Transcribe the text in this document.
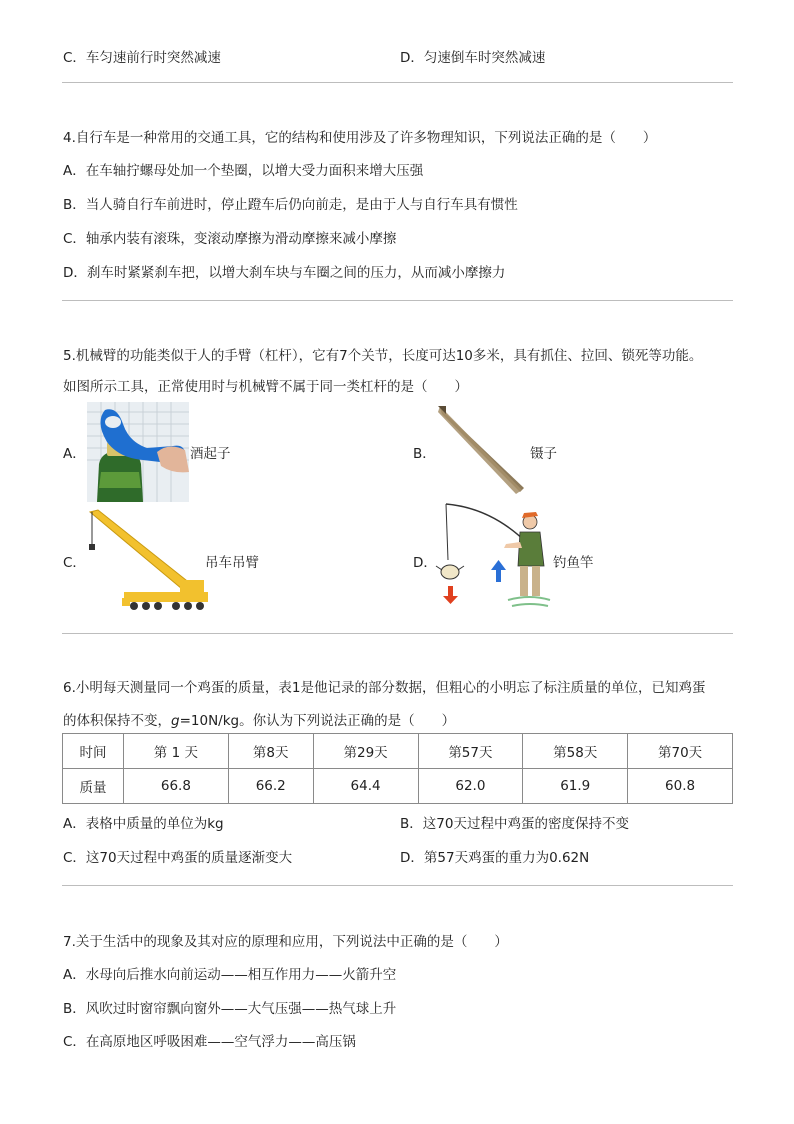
C．车匀速前行时突然减速	D．匀速倒车时突然减速
4.自行车是一种常用的交通工具，它的结构和使用涉及了许多物理知识，下列说法正确的是（　　）
A．在车轴拧螺母处加一个垫圈，以增大受力面积来增大压强
B．当人骑自行车前进时，停止蹬车后仍向前走，是由于人与自行车具有惯性
C．轴承内装有滚珠，变滚动摩擦为滑动摩擦来减小摩擦
D．刹车时紧紧刹车把，以增大刹车块与车圈之间的压力，从而减小摩擦力
5.机械臂的功能类似于人的手臂（杠杆），它有7个关节，长度可达10多米，具有抓住、拉回、锁死等功能。
如图所示工具，正常使用时与机械臂不属于同一类杠杆的是（　　）
A．	酒起子	B．	镊子
C．	吊车吊臂	D．	钓鱼竿
6.小明每天测量同一个鸡蛋的质量，表1是他记录的部分数据，但粗心的小明忘了标注质量的单位，已知鸡蛋
的体积保持不变，g=10N/kg。你认为下列说法正确的是（　　）
时间	第 1 天	第8天	第29天	第57天	第58天	第70天
质量	66.8	66.2	64.4	62.0	61.9	60.8
A．表格中质量的单位为kg	B．这70天过程中鸡蛋的密度保持不变
C．这70天过程中鸡蛋的质量逐渐变大	D．第57天鸡蛋的重力为0.62N
7.关于生活中的现象及其对应的原理和应用，下列说法中正确的是（　　）
A．水母向后推水向前运动——相互作用力——火箭升空
B．风吹过时窗帘飘向窗外——大气压强——热气球上升
C．在高原地区呼吸困难——空气浮力——高压锅
